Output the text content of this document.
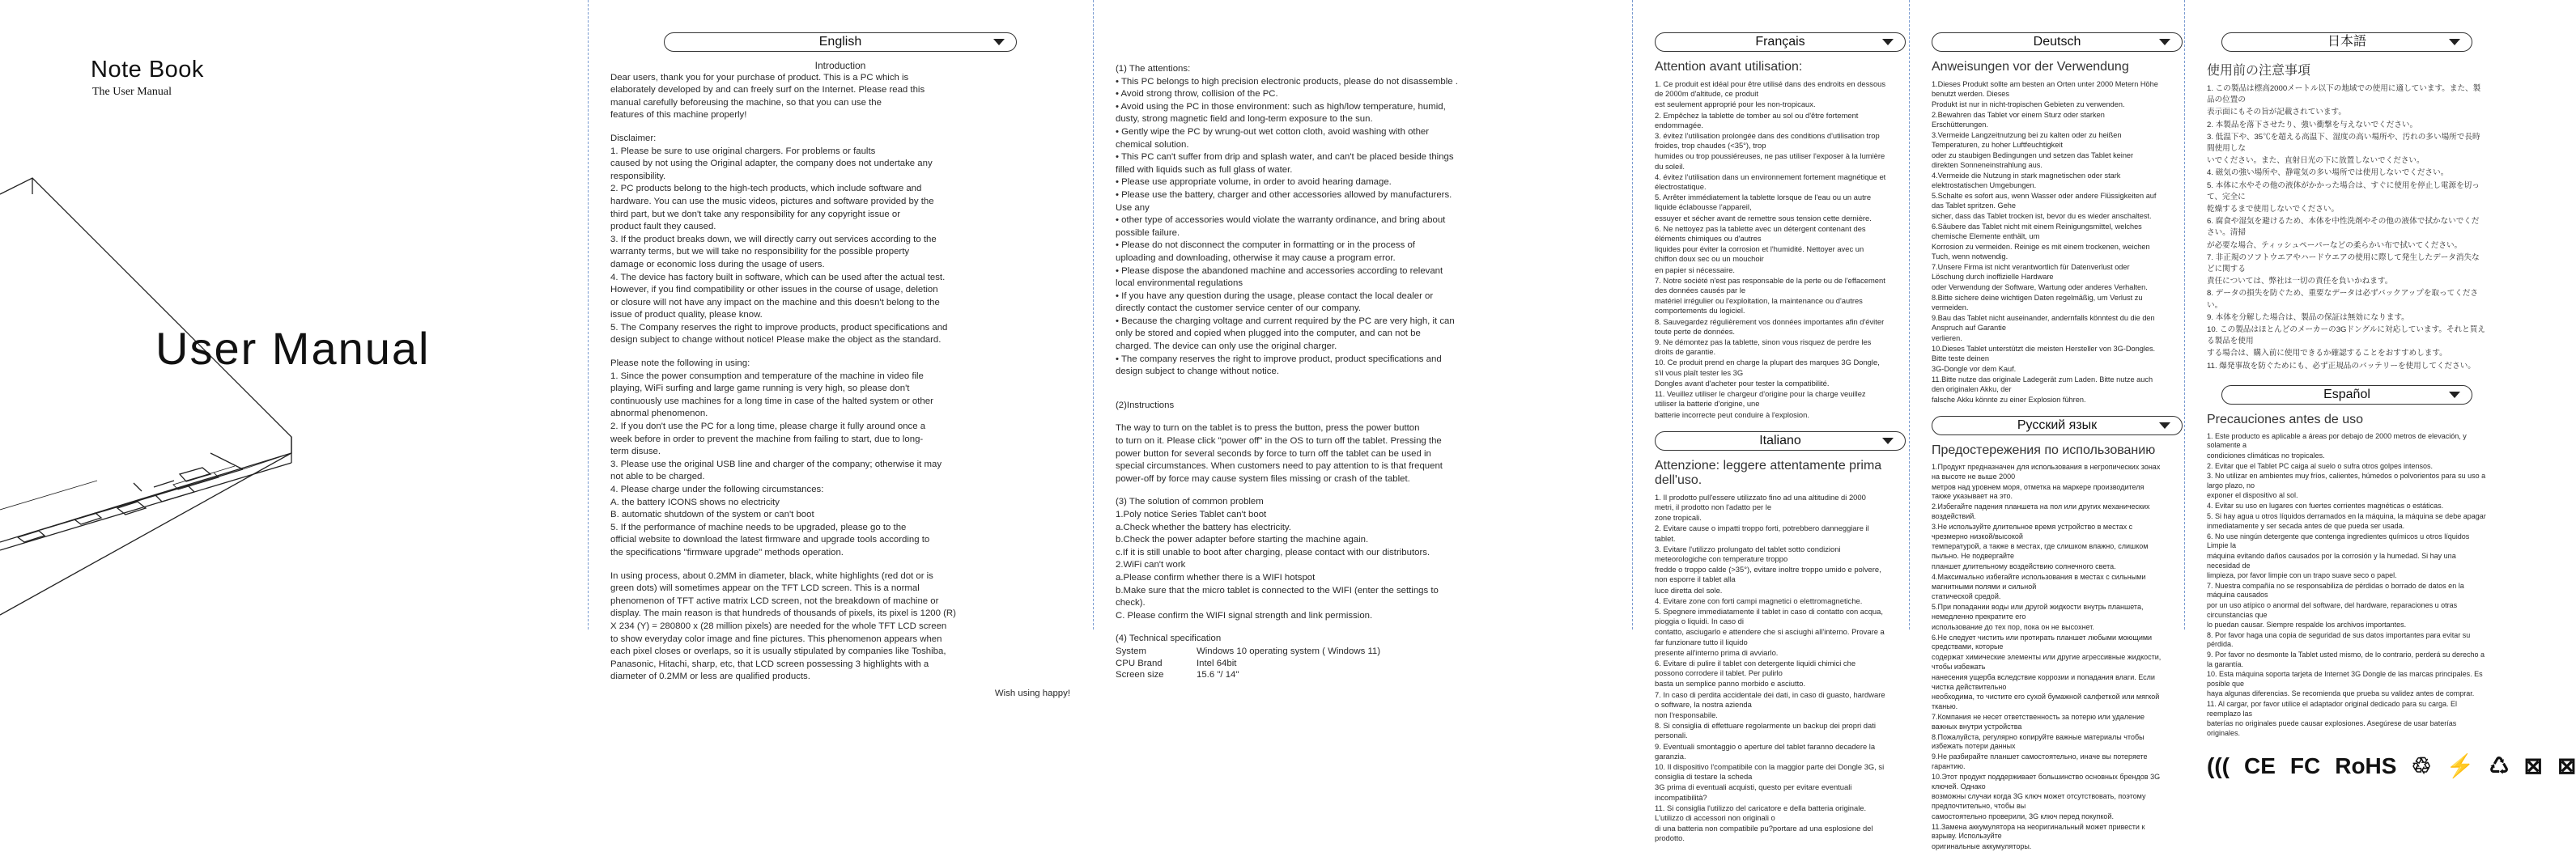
Note Book
The User Manual
User Manual
English
Introduction

Dear users, thank you for your purchase of product. This is a PC which is

elaborately developed by and can freely surf on the Internet. Please read this

manual carefully beforeusing the machine, so that you can use the

features of this machine properly!

Disclaimer:

1. Please be sure to use original chargers. For problems or faults

caused by not using the Original adapter, the company does not undertake any

responsibility.

2. PC products belong to the high-tech products, which include software and

hardware. You can use the music videos, pictures and software provided by the

third part, but we don't take any responsibility for any copyright issue or

product fault they caused.

3. If the product breaks down, we will directly carry out services according to the

warranty terms, but we will take no responsibility for the possible property

damage or economic loss during the usage of users.

4. The device has factory built in software, which can be used after the actual test.

However, if you find compatibility or other issues in the course of usage, deletion

or closure will not have any impact on the machine and this doesn't belong to the

issue of product quality, please know.

5. The Company reserves the right to improve products, product specifications and

design subject to change without notice! Please make the object as the standard.

Please note the following in using:

1. Since the power consumption and temperature of the machine in video file

playing, WiFi surfing and large game running is very high, so please don't

continuously use machines for a long time in case of the halted system or other

abnormal phenomenon.

2. If you don't use the PC for a long time, please charge it fully around once a

week before in order to prevent the machine from failing to start, due to long-

term disuse.

3. Please use the original USB line and charger of the company; otherwise it may

not able to be charged.

4. Please charge under the following circumstances:

A. the battery ICONS shows no electricity

B. automatic shutdown of the system or can't boot

5. If the performance of machine needs to be upgraded, please go to the

official website to download the latest firmware and upgrade tools according to

the specifications "firmware upgrade" methods operation.

In using process, about 0.2MM in diameter, black, white highlights (red dot or is

green dots) will sometimes appear on the TFT LCD screen. This is a normal

phenomenon of TFT active matrix LCD screen, not the breakdown of machine or

display. The main reason is that hundreds of thousands of pixels, its pixel is 1200 (R)

X 234 (Y) = 280800 x (28 million pixels) are needed for the whole TFT LCD screen

to show everyday color image and fine pictures. This phenomenon appears when

each pixel closes or overlaps, so it is usually stipulated by companies like Toshiba,

Panasonic, Hitachi, sharp, etc, that LCD screen possessing 3 highlights with a

diameter of 0.2MM or less are qualified products.

Wish using happy!

(1) The attentions:

• This PC belongs to high precision electronic products, please do not disassemble .

• Avoid strong throw, collision of the PC.

• Avoid using the PC in those environment: such as high/low temperature, humid,

dusty, strong magnetic field and long-term exposure to the sun.

• Gently wipe the PC by wrung-out wet cotton cloth, avoid washing with other

chemical solution.

• This PC can't suffer from drip and splash water, and can't be placed beside things

filled with liquids such as full glass of water.

• Please use appropriate volume, in order to avoid hearing damage.

• Please use the battery, charger and other accessories allowed by manufacturers.

Use any

• other type of accessories would violate the warranty ordinance, and bring about

possible failure.

• Please do not disconnect the computer in formatting or in the process of

uploading and downloading, otherwise it may cause a program error.

• Please dispose the abandoned machine and accessories according to relevant

local environmental regulations

• If you have any question during the usage, please contact the local dealer or

directly contact the customer service center of our company.

• Because the charging voltage and current required by the PC are very high, it can

only be stored and copied when plugged into the computer, and can not be

charged. The device can only use the original charger.

• The company reserves the right to improve product, product specifications and

design subject to change without notice.

(2)Instructions

The way to turn on the tablet is to press the button, press the power button

to turn on it. Please click "power off" in the OS to turn off the tablet. Pressing the

power button for several seconds by force to turn off the tablet can be used in

special circumstances. When customers need to pay attention to is that frequent

power-off by force may cause system files missing or crash of the tablet.

(3) The solution of common problem

1.Poly notice Series Tablet can't boot

a.Check whether the battery has electricity.

b.Check the power adapter before starting the machine again.

c.If it is still unable to boot after charging, please contact with our distributors.

2.WiFi can't work

a.Please confirm whether there is a WIFI hotspot

b.Make sure that the micro tablet is connected to the WIFI (enter the settings to

check).

C. Please confirm the WIFI signal strength and link permission.

(4) Technical specification

System	Windows 10 operating system ( Windows 11)
CPU Brand	Intel 64bit
Screen size	15.6 "/ 14"
Français
Attention avant utilisation:

1. Ce produit est idéal pour être utilisé dans des endroits en dessous de 2000m d'altitude, ce produit

est seulement approprié pour les non-tropicaux.

2. Empêchez la tablette de tomber au sol ou d'être fortement endommagée.

3. évitez l'utilisation prolongée dans des conditions d'utilisation trop froides, trop chaudes (<35°), trop

humides ou trop poussiéreuses, ne pas utiliser l'exposer à la lumière du soleil.

4. évitez l'utilisation dans un environnement fortement magnétique et électrostatique.

5. Arrêter immédiatement la tablette lorsque de l'eau ou un autre liquide éclabousse l'appareil,

essuyer et sécher avant de remettre sous tension cette dernière.

6. Ne nettoyez pas la tablette avec un détergent contenant des éléments chimiques ou d'autres

liquides pour éviter la corrosion et l'humidité. Nettoyer avec un chiffon doux sec ou un mouchoir

en papier si nécessaire.

7. Notre société n'est pas responsable de la perte ou de l'effacement des données causés par le

matériel irrégulier ou l'exploitation, la maintenance ou d'autres comportements du logiciel.

8. Sauvegardez régulièrement vos données importantes afin d'éviter toute perte de données.

9. Ne démontez pas la tablette, sinon vous risquez de perdre les droits de garantie.

10. Ce produit prend en charge la plupart des marques 3G Dongle, s'il vous plaît tester les 3G

Dongles avant d'acheter pour tester la compatibilité.

11. Veuillez utiliser le chargeur d'origine pour la charge veuillez utiliser la batterie d'origine, une

batterie incorrecte peut conduire à l'explosion.

Italiano
Attenzione: leggere attentamente prima dell'uso.

1. Il prodotto pull'essere utilizzato fino ad una altitudine di 2000 metri, il prodotto non l'adatto per le

zone tropicali.

2. Evitare cause o impatti troppo forti, potrebbero danneggiare il tablet.

3. Evitare l'utilizzo prolungato del tablet sotto condizioni meteorologiche con temperature troppo

fredde o troppo calde (>35°), evitare inoltre troppo umido e polvere, non esporre il tablet alla

luce diretta del sole.

4. Evitare zone con forti campi magnetici o elettromagnetiche.

5. Spegnere immediatamente il tablet in caso di contatto con acqua, pioggia o liquidi. In caso di

contatto, asciugarlo e attendere che si asciughi all'interno. Provare a far funzionare tutto il liquido

presente all'interno prima di avviarlo.

6. Evitare di pulire il tablet con detergente liquidi chimici che possono corrodere il tablet. Per pulirlo

basta un semplice panno morbido e asciutto.

7. In caso di perdita accidentale dei dati, in caso di guasto, hardware o software, la nostra azienda

non l'responsabile.

8. Si consiglia di effettuare regolarmente un backup dei propri dati personali.

9. Eventuali smontaggio o aperture del tablet faranno decadere la garanzia.

10. Il dispositivo l'compatibile con la maggior parte dei Dongle 3G, si consiglia di testare la scheda

3G prima di eventuali acquisti, questo per evitare eventuali incompatibilità?

11. Si consiglia l'utilizzo del caricatore e della batteria originale. L'utilizzo di accessori non originali o

di una batteria non compatibile pu?portare ad una esplosione del prodotto.

Deutsch
Anweisungen vor der Verwendung

1.Dieses Produkt sollte am besten an Orten unter 2000 Metern Höhe benutzt werden. Dieses

Produkt ist nur in nicht-tropischen Gebieten zu verwenden.

2.Bewahren das Tablet vor einem Sturz oder starken Erschütterungen.

3.Vermeide Langzeitnutzung bei zu kalten oder zu heißen Temperaturen, zu hoher Luftfeuchtigkeit

oder zu staubigen Bedingungen und setzen das Tablet keiner direkten Sonneneinstrahlung aus.

4.Vermeide die Nutzung in stark magnetischen oder stark elektrostatischen Umgebungen.

5.Schalte es sofort aus, wenn Wasser oder andere Flüssigkeiten auf das Tablet spritzen. Gehe

sicher, dass das Tablet trocken ist, bevor du es wieder anschaltest.

6.Säubere das Tablet nicht mit einem Reinigungsmittel, welches chemische Elemente enthält, um

Korrosion zu vermeiden. Reinige es mit einem trockenen, weichen Tuch, wenn notwendig.

7.Unsere Firma ist nicht verantwortlich für Datenverlust oder Löschung durch inoffizielle Hardware

oder Verwendung der Software, Wartung oder anderes Verhalten.

8.Bitte sichere deine wichtigen Daten regelmäßig, um Verlust zu vermeiden.

9.Bau das Tablet nicht auseinander, andernfalls könntest du die den Anspruch auf Garantie

verlieren.

10.Dieses Tablet unterstützt die meisten Hersteller von 3G-Dongles. Bitte teste deinen

3G-Dongle vor dem Kauf.

11.Bitte nutze das originale Ladegerät zum Laden. Bitte nutze auch den originalen Akku, der

falsche Akku könnte zu einer Explosion führen.

Русский язык
Предостережения по использованию

1.Продукт предназначен для использования в негропических зонах на высоте не выше 2000

метров над уровнем моря, отметка на маркере производителя также указывает на это.

2.Избегайте падения планшета на пол или других механических воздействий.

3.Не используйте длительное время устройство в местах с чрезмерно низкой/высокой

температурой, а также в местах, где слишком влажно, слишком пыльно. Не подвергайте

планшет длительному воздействию солнечного света.

4.Максимально избегайте использования в местах с сильными магнитными полями и сильной

статической средой.

5.При попадании воды или другой жидкости внутрь планшета, немедленно прекратите его

использование до тех пор, пока он не высохнет.

6.Не следует чистить или протирать планшет любыми моющими средствами, которые

содержат химические элементы или другие агрессивные жидкости, чтобы избежать

нанесения ущерба вследствие коррозии и попадания влаги. Если чистка действительно

необходима, то чистите его сухой бумажной салфеткой или мягкой тканью.

7.Компания не несет ответственность за потерю или удаление важных внутри устройства

8.Пожалуйста, регулярно копируйте важные материалы чтобы избежать потери данных

9.Не разбирайте планшет самостоятельно, иначе вы потеряете гарантию.

10.Этот продукт поддерживает большинство основных брендов 3G ключей. Однако

возможны случаи когда 3G ключ может отсутствовать, поэтому предпочтительно, чтобы вы

самостоятельно проверили, 3G ключ перед покупкой.

11.Замена аккумулятора на неоригинальный может привести к взрыву. Используйте

оригинальные аккумуляторы.

日本語
使用前の注意事項

1. この製品は標高2000メートル以下の地域での使用に適しています。また、製品の位置の

表示面にもその旨が記載されています。

2. 本製品を落下させたり、強い衝撃を与えないでください。

3. 低温下や、35℃を超える高温下、湿度の高い場所や、汚れの多い場所で長時間使用しな

いでください。また、直射日光の下に放置しないでください。

4. 磁気の強い場所や、静電気の多い場所では使用しないでください。

5. 本体に水やその他の液体がかかった場合は、すぐに使用を停止し電源を切って、完全に

乾燥するまで使用しないでください。

6. 腐食や湿気を避けるため、本体を中性洗剤やその他の液体で拭かないでください。清掃

が必要な場合、ティッシュペーパーなどの柔らかい布で拭いてください。

7. 非正規のソフトウエアやハードウエアの使用に際して発生したデータ消失などに関する

責任については、弊社は一切の責任を負いかねます。

8. データの損失を防ぐため、重要なデータは必ずバックアップを取ってください。

9. 本体を分解した場合は、製品の保証は無効になります。

10. この製品はほとんどのメーカーの3Gドングルに対応しています。それと買える製品を使用

する場合は、購入前に使用できるか確認することをおすすめします。

11. 爆発事故を防ぐためにも、必ず正規品のバッテリーを使用してください。

Español
Precauciones antes de uso

1. Este producto es aplicable a áreas por debajo de 2000 metros de elevación, y solamente a

condiciones climáticas no tropicales.

2. Evitar que el Tablet PC caiga al suelo o sufra otros golpes intensos.

3. No utilizar en ambientes muy fríos, calientes, húmedos o polvorientos para su uso a largo plazo, no

exponer el dispositivo al sol.

4. Evitar su uso en lugares con fuertes corrientes magnéticas o estáticas.

5. Si hay agua u otros líquidos derramados en la máquina, la máquina se debe apagar

inmediatamente y ser secada antes de que pueda ser usada.

6. No use ningún detergente que contenga ingredientes químicos u otros líquidos Limpie la

máquina evitando daños causados por la corrosión y la humedad. Si hay una necesidad de

limpieza, por favor limpie con un trapo suave seco o papel.

7. Nuestra compañía no se responsabiliza de pérdidas o borrado de datos en la máquina causados

por un uso atípico o anormal del software, del hardware, reparaciones u otras circunstancias que

lo puedan causar. Siempre respalde los archivos importantes.

8. Por favor haga una copia de seguridad de sus datos importantes para evitar su pérdida.

9. Por favor no desmonte la Tablet usted mismo, de lo contrario, perderá su derecho a la garantía.

10. Esta máquina soporta tarjeta de Internet 3G Dongle de las marcas principales. Es posible que

haya algunas diferencias. Se recomienda que prueba su validez antes de comprar.

11. Al cargar, por favor utilice el adaptador original dedicado para su carga. El reemplazo las

baterías no originales puede causar explosiones. Asegúrese de usar baterías originales.

((( CE FC RoHS ♲ ⚡ ♺ ⊠ ⊠
